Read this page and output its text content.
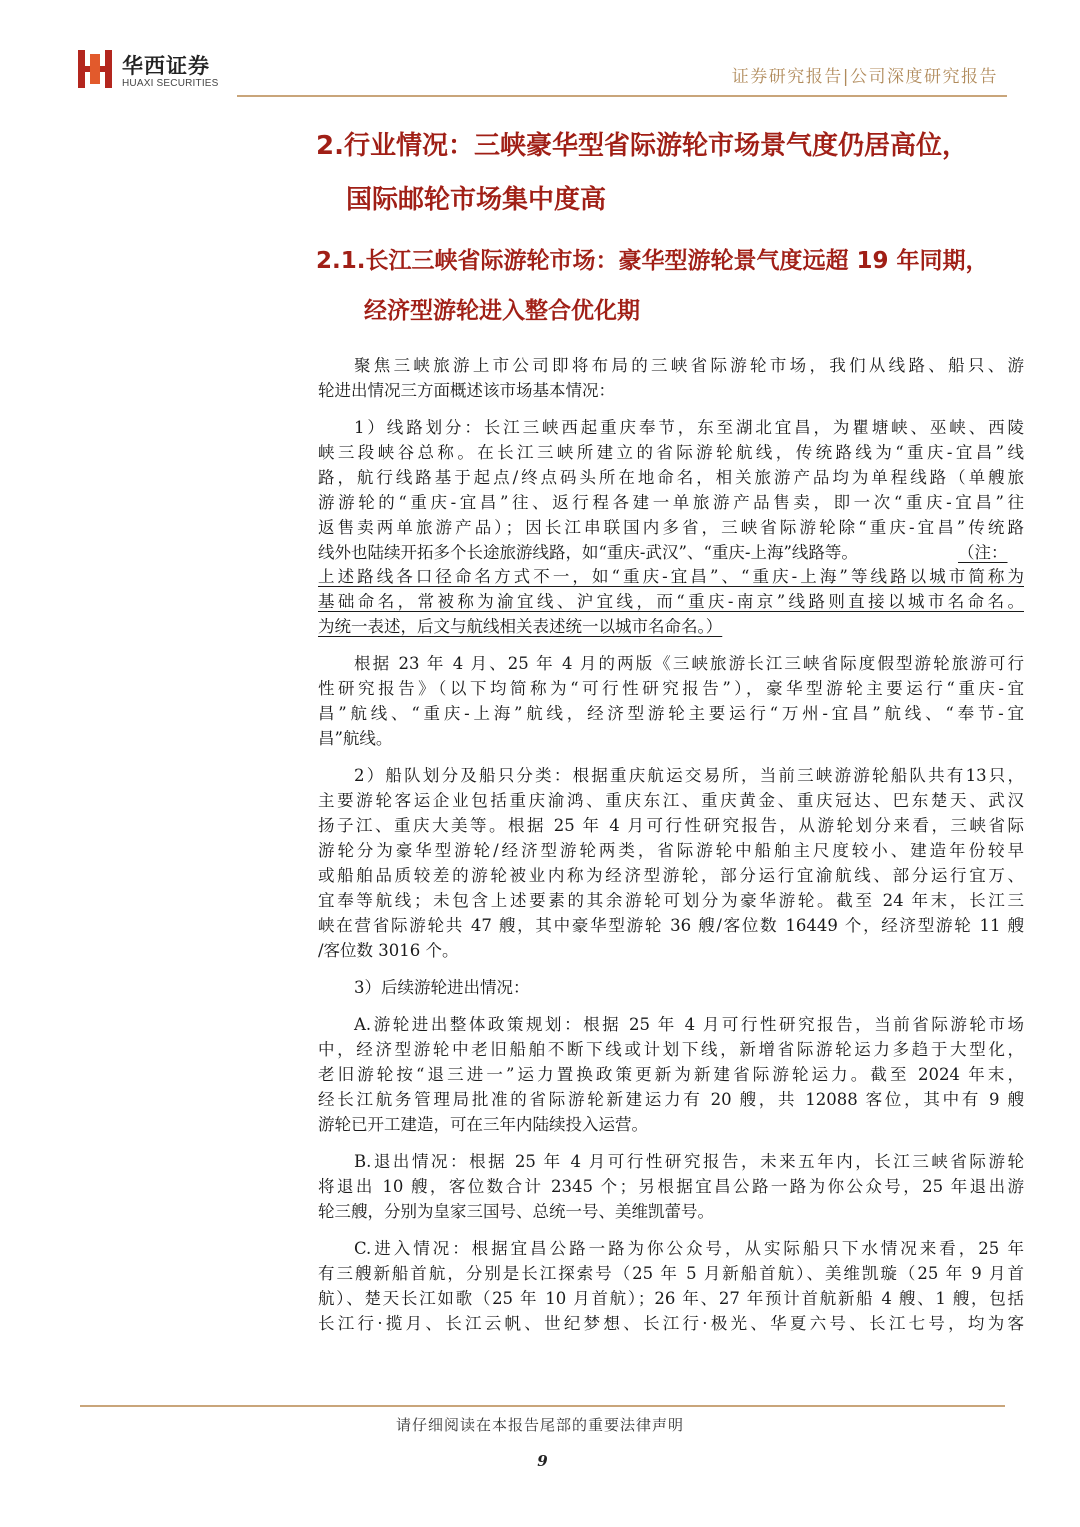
华西证券
HUAXI SECURITIES	证券研究报告|公司深度研究报告
2.行业情况：三峡豪华型省际游轮市场景气度仍居高位，
国际邮轮市场集中度高
2.1.长江三峡省际游轮市场：豪华型游轮景气度远超 19 年同期，
经济型游轮进入整合优化期
聚焦三峡旅游上市公司即将布局的三峡省际游轮市场，我们从线路、船只、游
轮进出情况三方面概述该市场基本情况：
1）线路划分：长江三峡西起重庆奉节，东至湖北宜昌，为瞿塘峡、巫峡、西陵
峡三段峡谷总称。在长江三峡所建立的省际游轮航线，传统路线为“重庆-宜昌”线
路，航行线路基于起点/终点码头所在地命名，相关旅游产品均为单程线路（单艘旅
游游轮的“重庆-宜昌”往、返行程各建一单旅游产品售卖，即一次“重庆-宜昌”往
返售卖两单旅游产品）；因长江串联国内多省，三峡省际游轮除“重庆-宜昌”传统路
线外也陆续开拓多个长途旅游线路，如“重庆-武汉”、“重庆-上海”线路等。	（注：
上述路线各口径命名方式不一，如“重庆-宜昌”、“重庆-上海”等线路以城市简称为
基础命名，常被称为渝宜线、沪宜线，而“重庆-南京”线路则直接以城市名命名。
为统一表述，后文与航线相关表述统一以城市名命名。）
根据 23 年 4 月、25 年 4 月的两版《三峡旅游长江三峡省际度假型游轮旅游可行
性研究报告》（以下均简称为“可行性研究报告”），豪华型游轮主要运行“重庆-宜
昌”航线、“重庆-上海”航线，经济型游轮主要运行“万州-宜昌”航线、“奉节-宜
昌”航线。
2）船队划分及船只分类：根据重庆航运交易所，当前三峡游游轮船队共有13只，
主要游轮客运企业包括重庆渝鸿、重庆东江、重庆黄金、重庆冠达、巴东楚天、武汉
扬子江、重庆大美等。根据 25 年 4 月可行性研究报告，从游轮划分来看，三峡省际
游轮分为豪华型游轮/经济型游轮两类，省际游轮中船舶主尺度较小、建造年份较早
或船舶品质较差的游轮被业内称为经济型游轮，部分运行宜渝航线、部分运行宜万、
宜奉等航线；未包含上述要素的其余游轮可划分为豪华游轮。截至 24 年末，长江三
峡在营省际游轮共 47 艘，其中豪华型游轮 36 艘/客位数 16449 个，经济型游轮 11 艘
/客位数 3016 个。
3）后续游轮进出情况：
A.游轮进出整体政策规划：根据 25 年 4 月可行性研究报告，当前省际游轮市场
中，经济型游轮中老旧船舶不断下线或计划下线，新增省际游轮运力多趋于大型化，
老旧游轮按“退三进一”运力置换政策更新为新建省际游轮运力。截至 2024 年末，
经长江航务管理局批准的省际游轮新建运力有 20 艘，共 12088 客位，其中有 9 艘
游轮已开工建造，可在三年内陆续投入运营。
B.退出情况：根据 25 年 4 月可行性研究报告，未来五年内，长江三峡省际游轮
将退出 10 艘，客位数合计 2345 个；另根据宜昌公路一路为你公众号，25 年退出游
轮三艘，分别为皇家三国号、总统一号、美维凯蕾号。
C.进入情况：根据宜昌公路一路为你公众号，从实际船只下水情况来看，25 年
有三艘新船首航，分别是长江探索号（25 年 5 月新船首航）、美维凯璇（25 年 9 月首
航）、楚天长江如歌（25 年 10 月首航）；26 年、27 年预计首航新船 4 艘、1 艘，包括
长江行·揽月、长江云帆、世纪梦想、长江行·极光、华夏六号、长江七号，均为客
请仔细阅读在本报告尾部的重要法律声明
9
